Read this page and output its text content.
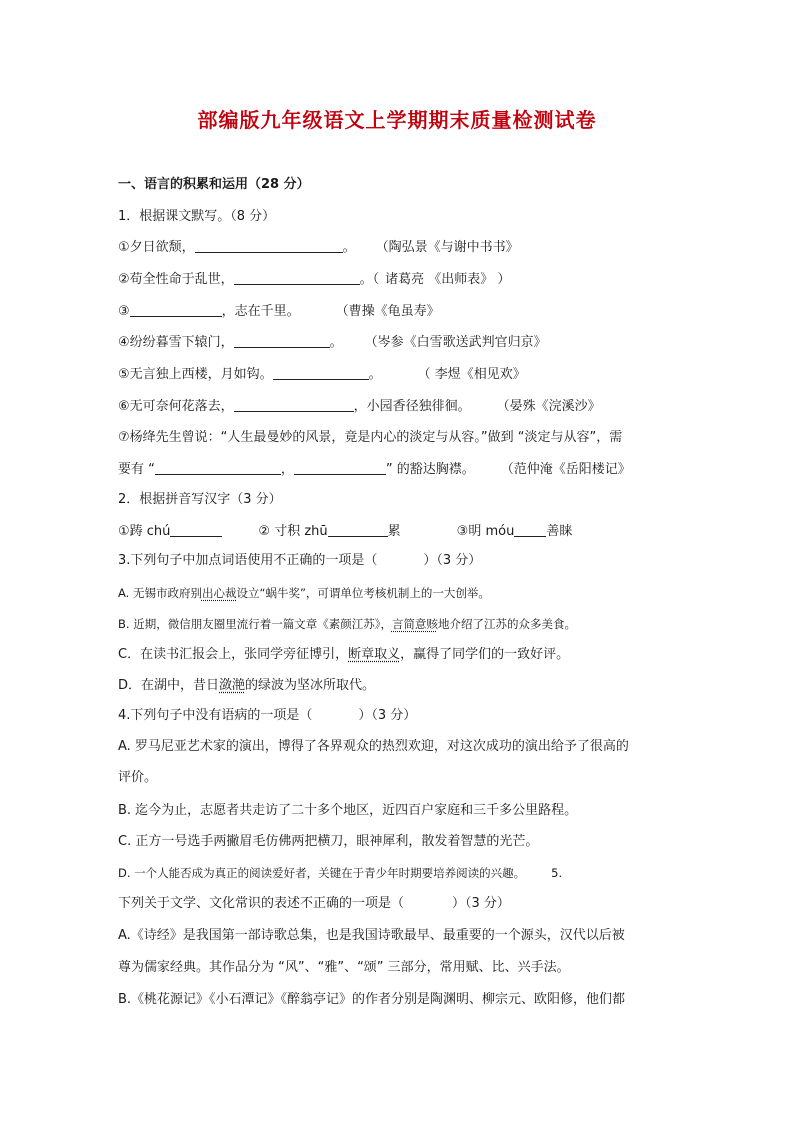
部编版九年级语文上学期期末质量检测试卷
一、语言的积累和运用（28 分）
1．根据课文默写。（8 分）
①夕日欲颓，	。 （陶弘景《与谢中书书》
②苟全性命于乱世，	。（ 诸葛亮 《出师表》 ）
③	，志在千里。	（曹操《龟虽寿》
④纷纷暮雪下辕门，	。 （岑参《白雪歌送武判官归京》
⑤无言独上西楼，月如钩。	。	（ 李煜《相见欢》
⑥无可奈何花落去，	，小园香径独徘徊。 （晏殊《浣溪沙》
⑦杨绛先生曾说：“人生最曼妙的风景，竟是内心的淡定与从容。”做到 “淡定与从容”，需
要有 “	，	” 的豁达胸襟。 （范仲淹《岳阳楼记》
2．根据拼音写汉字（3 分）
①踌 chú	② 寸积 zhū	累	③明 móu 善睐
3.下列句子中加点词语使用不正确的一项是（	）（3 分）
A. 无锡市政府别出心裁设立“蜗牛奖”，可谓单位考核机制上的一大创举。
B. 近期，微信朋友圈里流行着一篇文章《素颜江苏》，言简意赅地介绍了江苏的众多美食。
C．在读书汇报会上，张同学旁征博引，断章取义，赢得了同学们的一致好评。
D．在湖中，昔日潋滟的绿波为坚冰所取代。
4.下列句子中没有语病的一项是（	）（3 分）
A. 罗马尼亚艺术家的演出，博得了各界观众的热烈欢迎，对这次成功的演出给予了很高的
评价。
B. 迄今为止，志愿者共走访了二十多个地区，近四百户家庭和三千多公里路程。
C. 正方一号选手两撇眉毛仿佛两把横刀，眼神犀利，散发着智慧的光芒。
D. 一个人能否成为真正的阅读爱好者，关键在于青少年时期要培养阅读的兴趣。 5.
下列关于文学、文化常识的表述不正确的一项是（	）（3 分）
A.《诗经》是我国第一部诗歌总集，也是我国诗歌最早、最重要的一个源头，汉代以后被
尊为儒家经典。其作品分为 “风”、“雅”、“颂” 三部分，常用赋、比、兴手法。
B.《桃花源记》《小石潭记》《醉翁亭记》的作者分别是陶渊明、柳宗元、欧阳修，他们都
